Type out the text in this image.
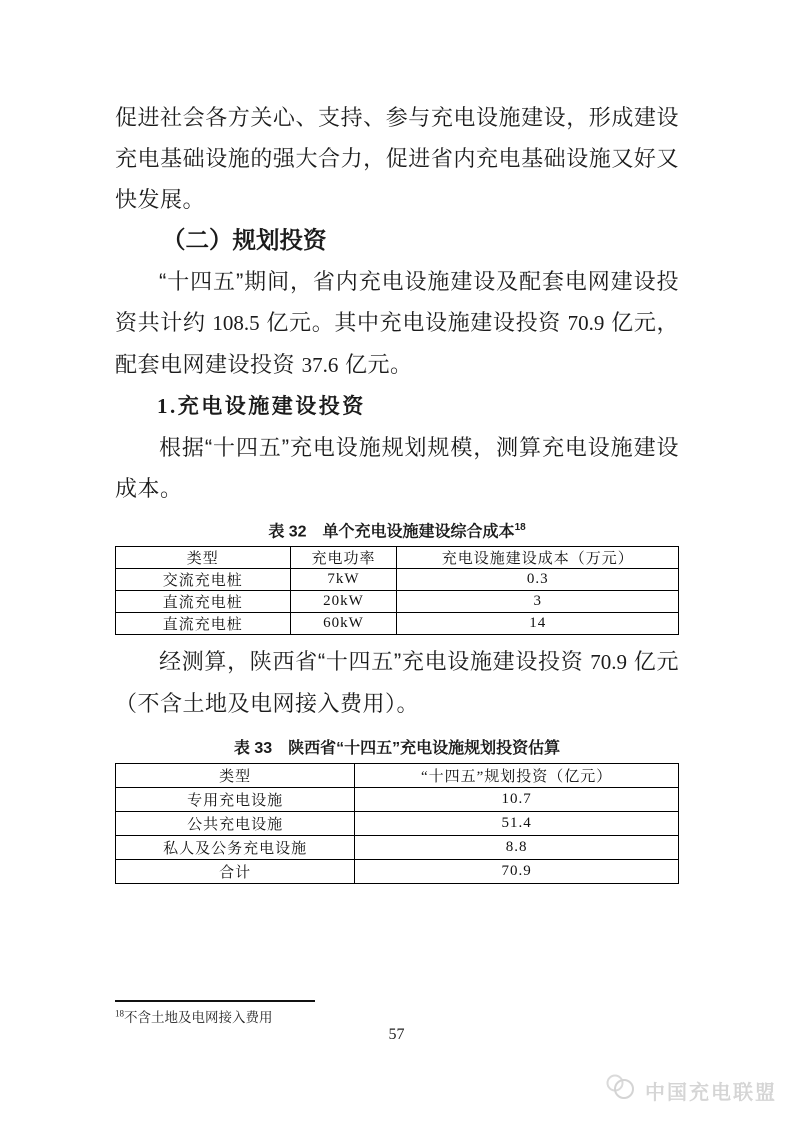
促进社会各方关心、支持、参与充电设施建设，形成建设充电基础设施的强大合力，促进省内充电基础设施又好又快发展。

（二）规划投资

“十四五”期间，省内充电设施建设及配套电网建设投资共计约 108.5 亿元。其中充电设施建设投资 70.9 亿元，配套电网建设投资 37.6 亿元。

1.充电设施建设投资

根据“十四五”充电设施规划规模，测算充电设施建设成本。

表 32　单个充电设施建设综合成本$^{18}$
类型	充电功率	充电设施建设成本（万元）
交流充电桩	7kW	0.3
直流充电桩	20kW	3
直流充电桩	60kW	14

经测算，陕西省“十四五”充电设施建设投资 70.9 亿元（不含土地及电网接入费用）。

表 33　陕西省“十四五”充电设施规划投资估算
类型	“十四五”规划投资（亿元）
专用充电设施	10.7
公共充电设施	51.4
私人及公务充电设施	8.8
合计	70.9
$^{18}$不含土地及电网接入费用
57
中国充电联盟
